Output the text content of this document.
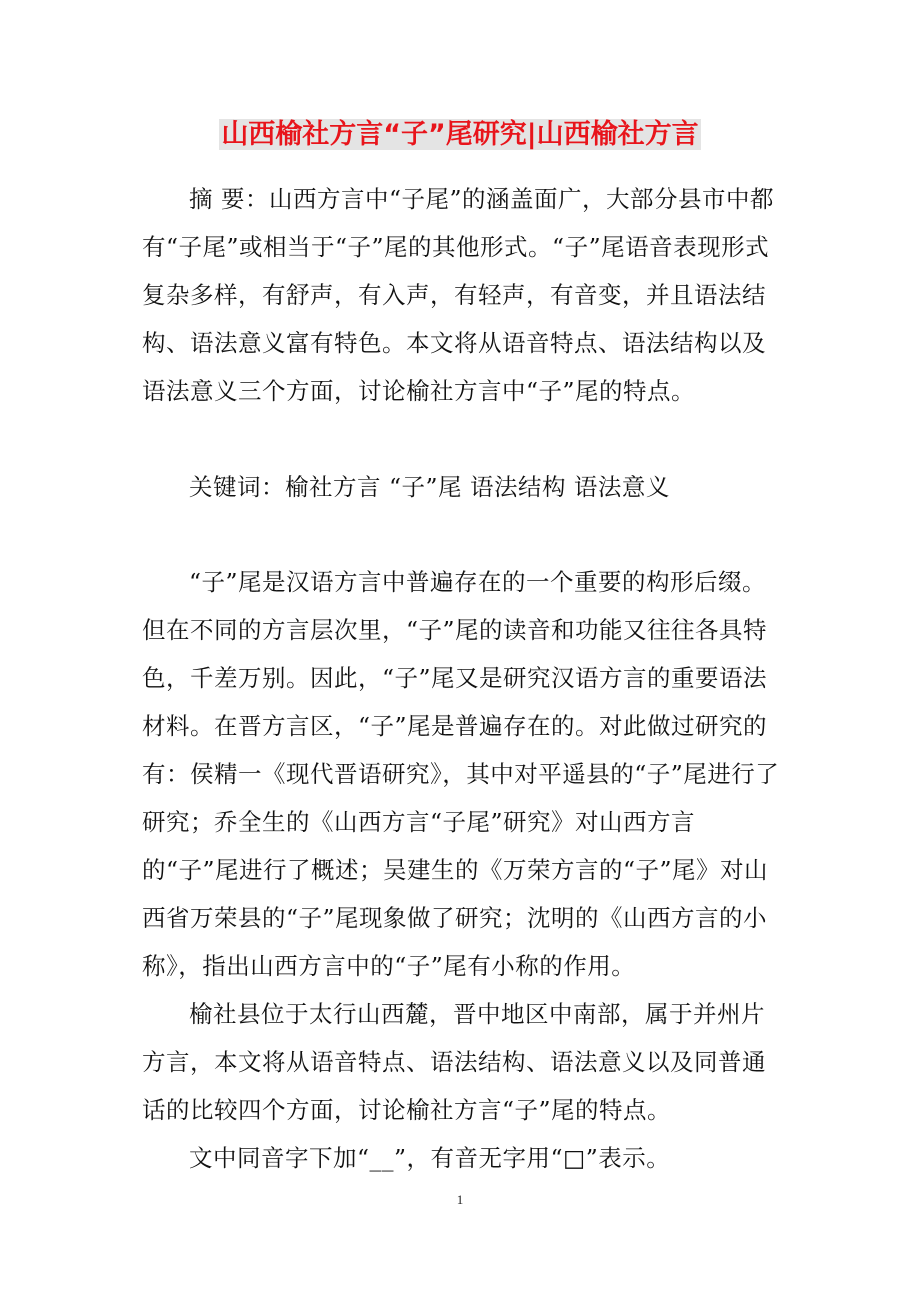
山西榆社方言“子”尾研究|山西榆社方言

摘 要：山西方言中“子尾”的涵盖面广，大部分县市中都有“子尾”或相当于“子”尾的其他形式。“子”尾语音表现形式复杂多样，有舒声，有入声，有轻声，有音变，并且语法结构、语法意义富有特色。本文将从语音特点、语法结构以及语法意义三个方面，讨论榆社方言中“子”尾的特点。

关键词：榆社方言 “子”尾 语法结构 语法意义

“子”尾是汉语方言中普遍存在的一个重要的构形后缀。但在不同的方言层次里，“子”尾的读音和功能又往往各具特色，千差万别。因此，“子”尾又是研究汉语方言的重要语法材料。在晋方言区，“子”尾是普遍存在的。对此做过研究的有：侯精一《现代晋语研究》，其中对平遥县的“子”尾进行了研究；乔全生的《山西方言“子尾”研究》对山西方言的“子”尾进行了概述；吴建生的《万荣方言的“子”尾》对山西省万荣县的“子”尾现象做了研究；沈明的《山西方言的小称》，指出山西方言中的“子”尾有小称的作用。

榆社县位于太行山西麓，晋中地区中南部，属于并州片方言，本文将从语音特点、语法结构、语法意义以及同普通话的比较四个方面，讨论榆社方言“子”尾的特点。

文中同音字下加“__”，有音无字用“□”表示。

1
